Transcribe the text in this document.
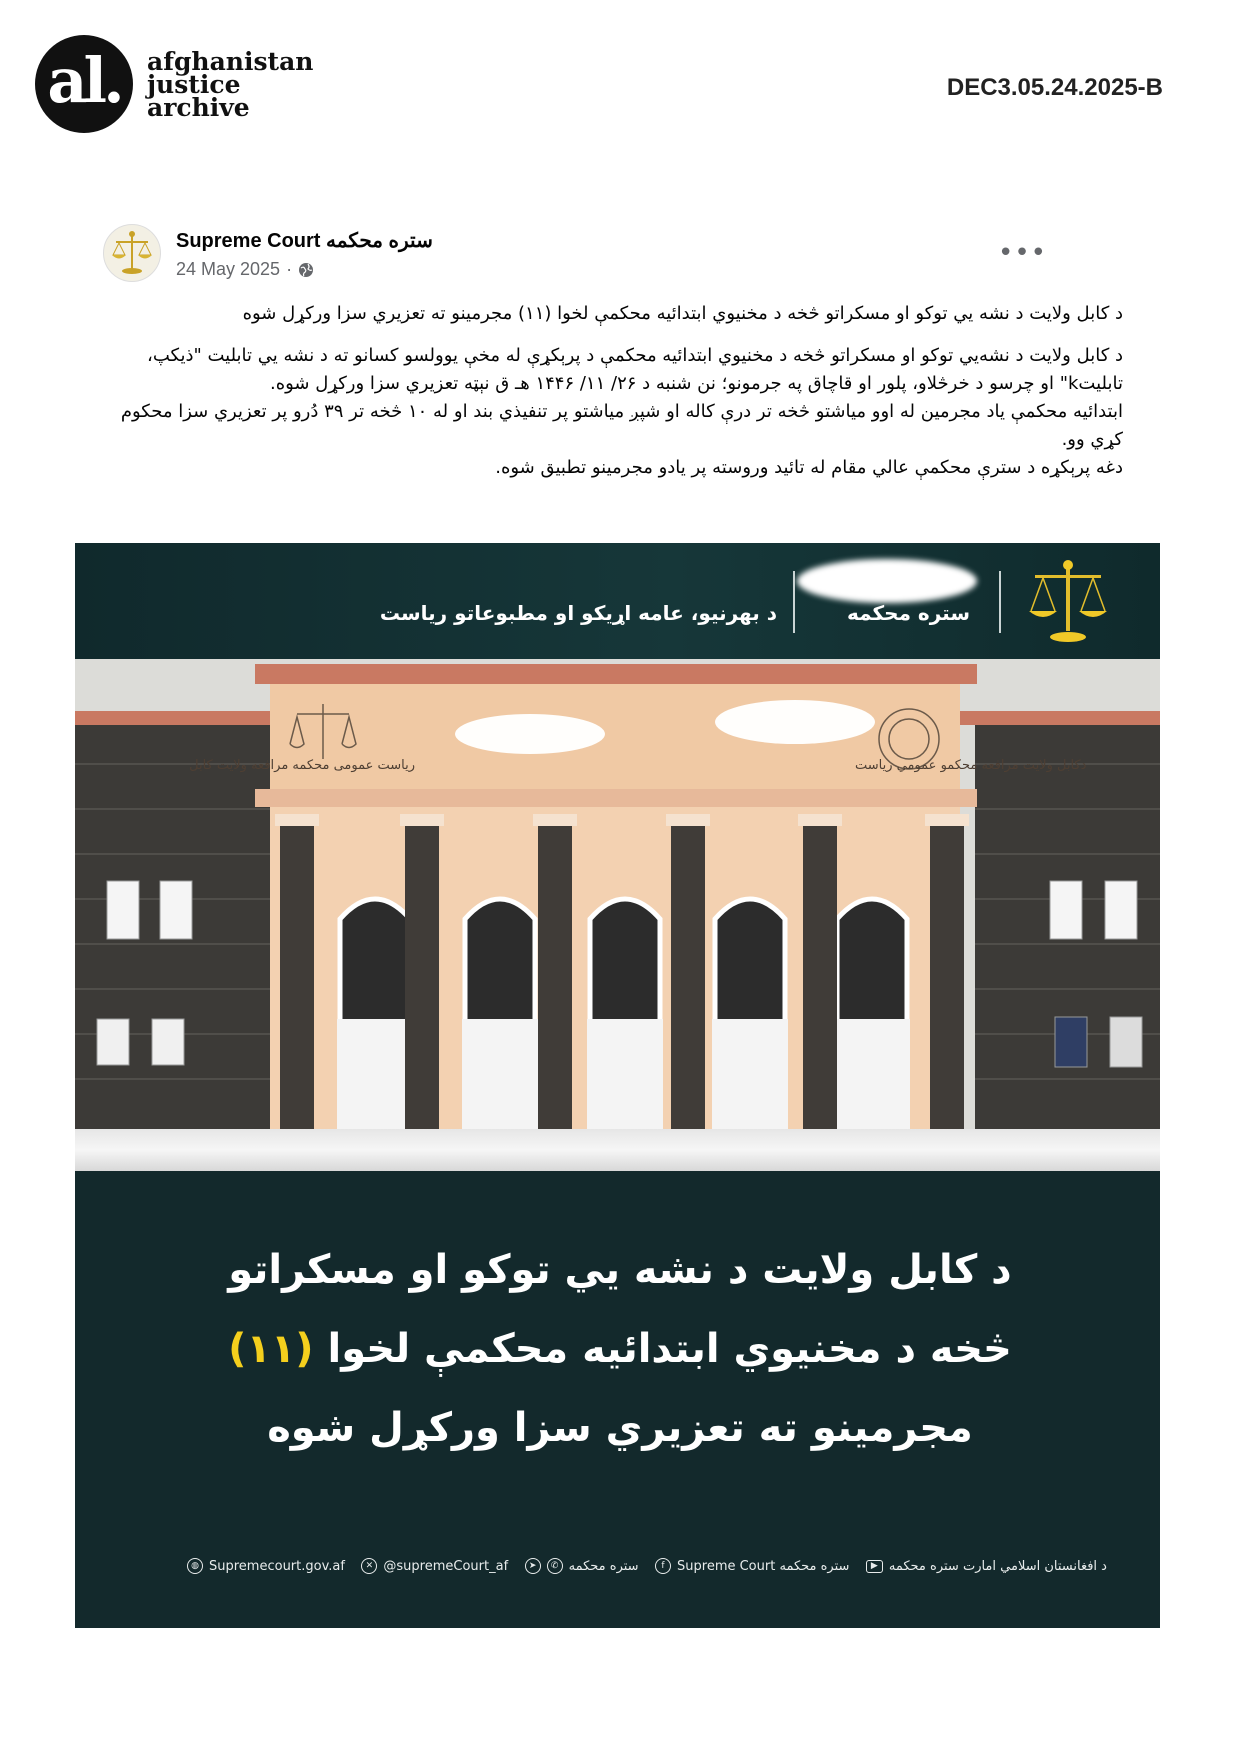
al.	afghanistan
justice
archive
DEC3.05.24.2025-B
Supreme Court ستره محکمه
24 May 2025 ·
•••
د کابل ولایت د نشه یي توکو او مسکراتو څخه د مخنیوي ابتدائیه محکمې لخوا (۱۱) مجرمینو ته تعزیري سزا ورکړل شوه

د کابل ولایت د نشه‌یي توکو او مسکراتو څخه د مخنیوي ابتدائیه محکمې د پرېکړې له مخې یوولسو کسانو ته د نشه یي تابلیت "ذیکپ، تابلیتk" او چرسو د خرڅلاو، پلور او قاچاق په جرمونو؛ نن شنبه د ۲۶/ ۱۱/ ۱۴۴۶ هـ ق نېټه تعزیري سزا ورکړل شوه.

ابتدائیه محکمې یاد مجرمین له اوو میاشتو څخه تر درې کاله او شپږ میاشتو پر تنفیذي بند او له ۱۰ څخه تر ۳۹ دُرو پر تعزیري سزا محکوم کړي وو.

دغه پرېکړه د سترې محکمې عالي مقام له تائید وروسته پر یادو مجرمینو تطبیق شوه.

ستره محکمه
د بهرنیو، عامه اړیکو او مطبوعاتو ریاست
ریاست عمومی محکمه مرافعه ولایت کابل	دکابل ولایت مرافعه محکمو عمومي ریاست
د کابل ولایت د نشه یي توکو او مسکراتو څخه د مخنیوي ابتدائیه محکمې لخوا (۱۱) مجرمینو ته تعزیري سزا ورکړل شوه
◍ Supremecourt.gov.af	✕ @supremeCourt_af	➤	✆ ستره محکمه	f Supreme Court ستره محکمه	▶ د افغانستان اسلامي امارت ستره محکمه
